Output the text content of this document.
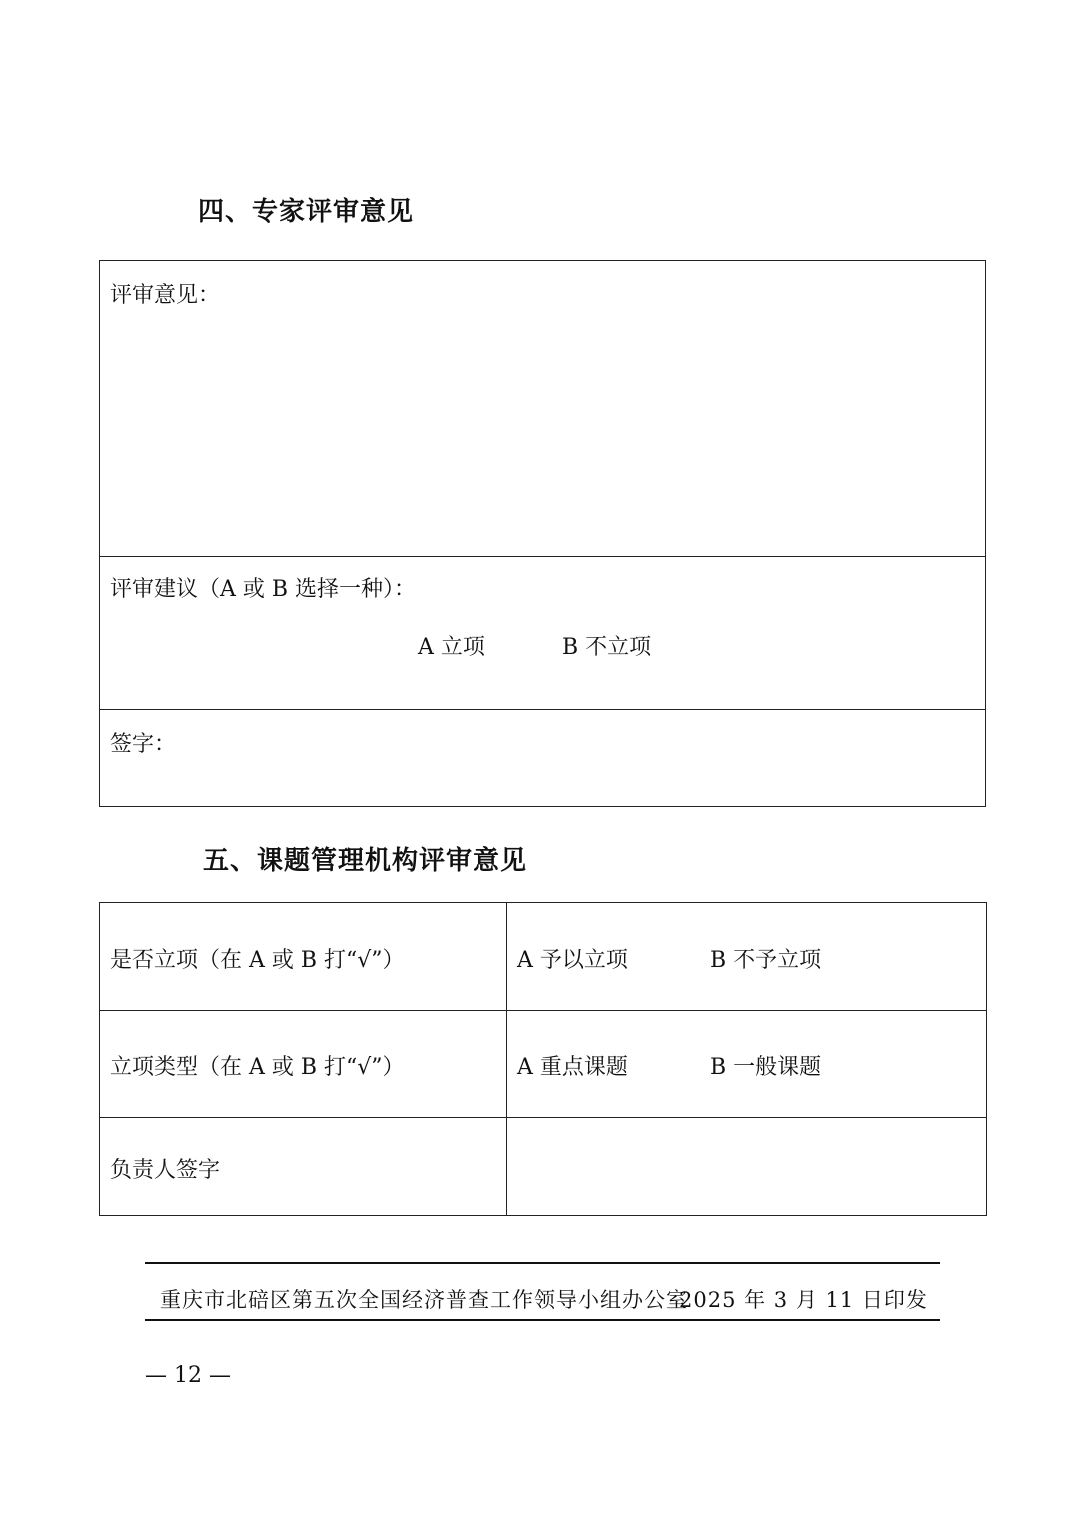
四、专家评审意见
评审意见：
评审建议（A 或 B 选择一种）：
A 立项	B 不立项
签字：
五、课题管理机构评审意见
是否立项（在 A 或 B 打“√”）	A 予以立项	B 不予立项
立项类型（在 A 或 B 打“√”）	A 重点课题	B 一般课题
负责人签字
重庆市北碚区第五次全国经济普查工作领导小组办公室
2025 年 3 月 11 日印发
— 12 —
